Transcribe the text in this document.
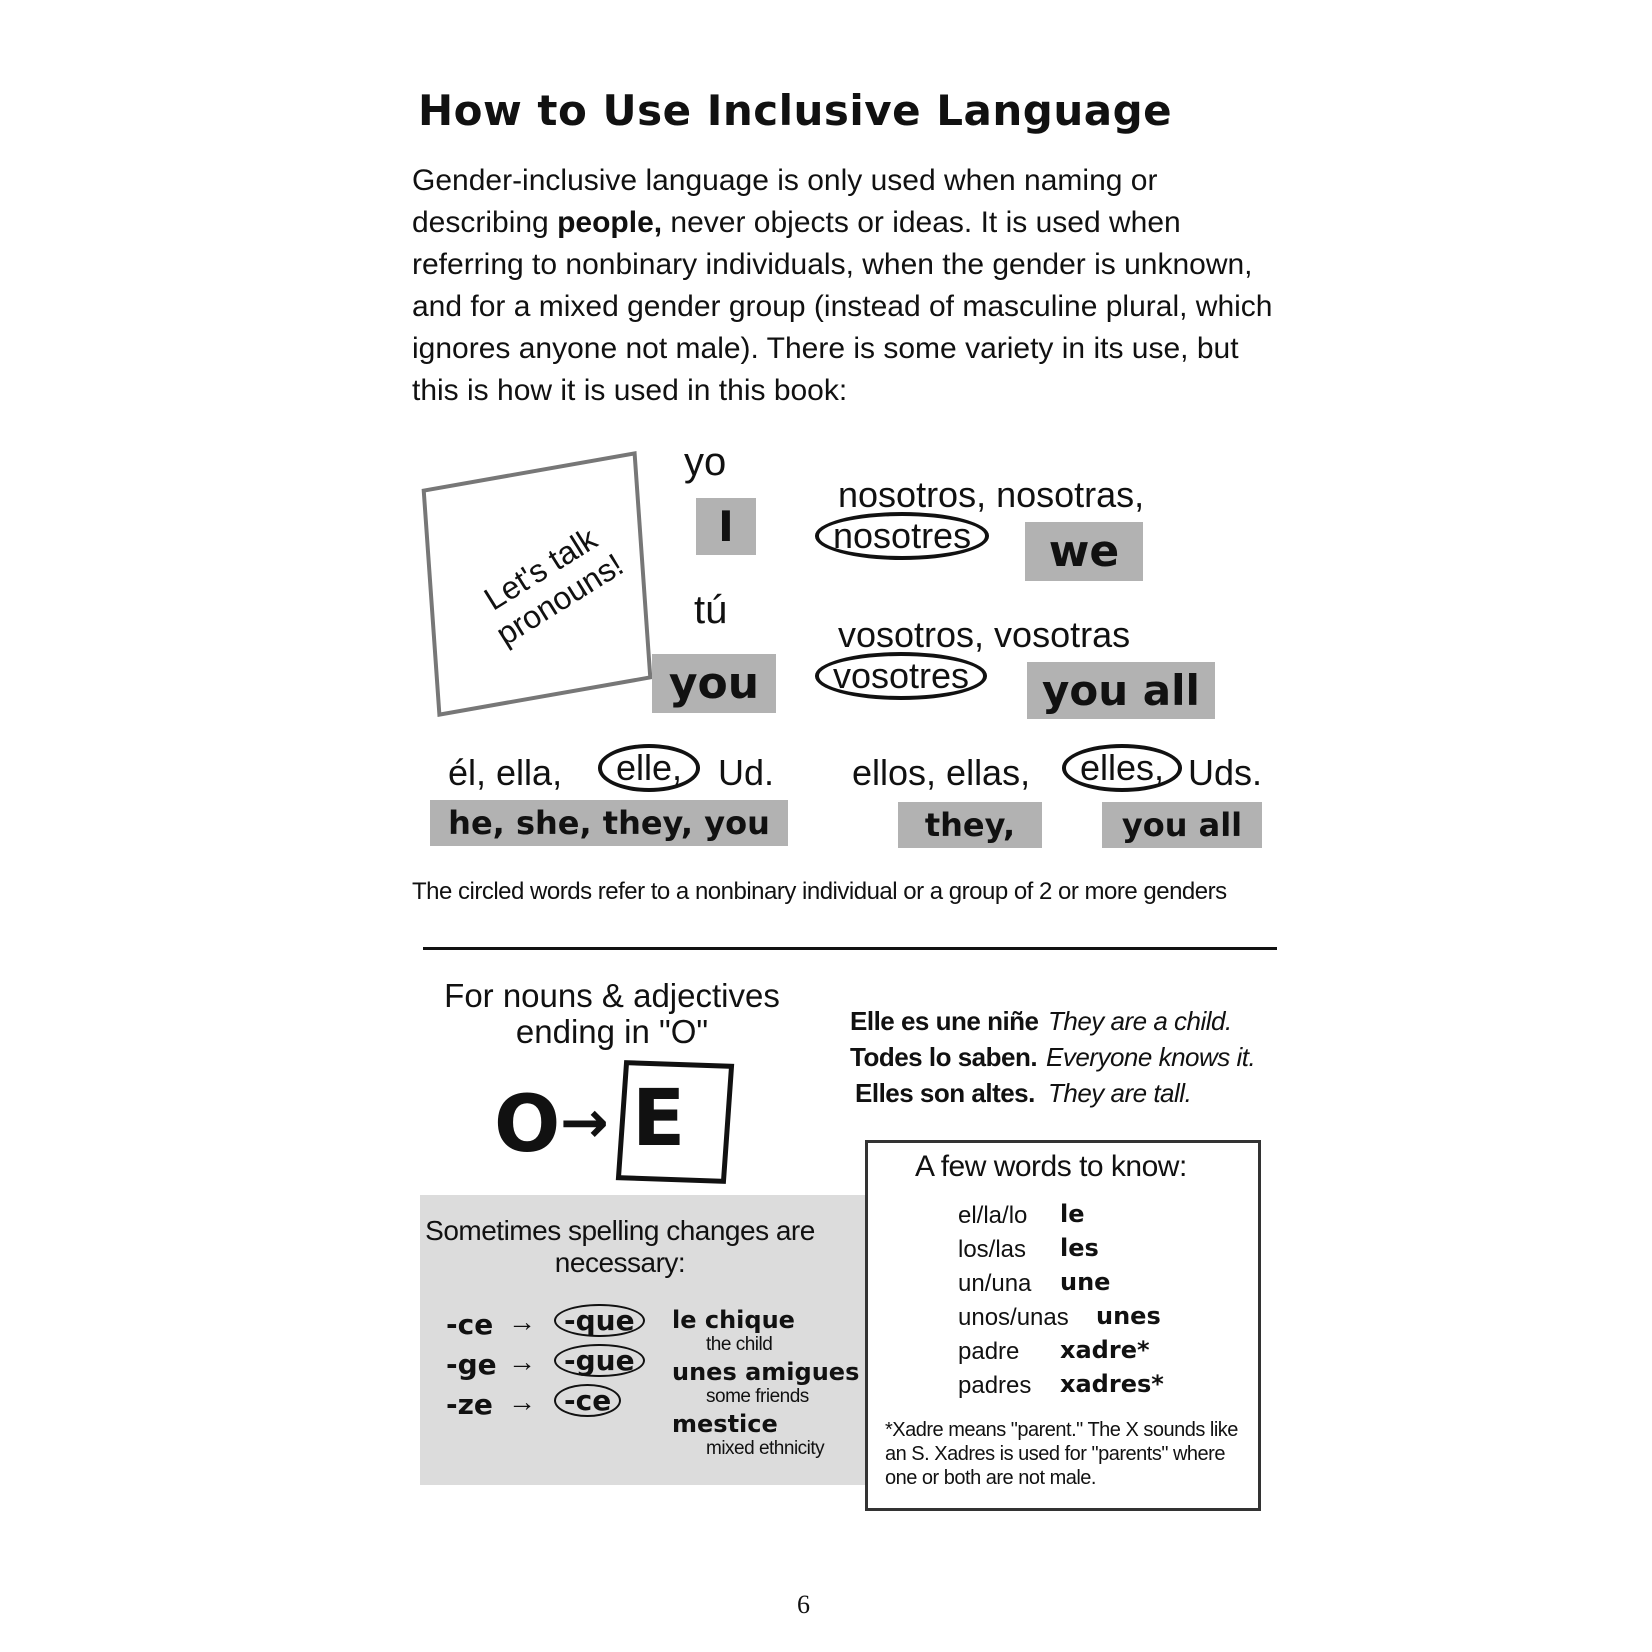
How to Use Inclusive Language
Gender-inclusive language is only used when naming or describing people, never objects or ideas. It is used when referring to nonbinary individuals, when the gender is unknown, and for a mixed gender group (instead of masculine plural, which ignores anyone not male). There is some variety in its use, but this is how it is used in this book:
Let's talk pronouns!
yo
I
tú
you
nosotros, nosotras,
nosotres	we
vosotros, vosotras
vosotres	you all
él, ella,	elle, Ud.
he, she, they, you
ellos, ellas,	elles, Uds.
they,	you all
The circled words refer to a nonbinary individual or a group of 2 or more genders
For nouns & adjectives ending in "O"
O → E
Elle es une niñe They are a child.
Todes lo saben. Everyone knows it.
Elles son altes. They are tall.
Sometimes spelling changes are necessary:
-ce →	-que
-ge →	-gue
-ze →	-ce
le chique
the child
unes amigues
some friends
mestice
mixed ethnicity
A few words to know:
el/la/lo le
los/las les
un/una une
unos/unas unes
padre xadre*
padres xadres*
*Xadre means "parent." The X sounds like an S. Xadres is used for "parents" where one or both are not male.
6
